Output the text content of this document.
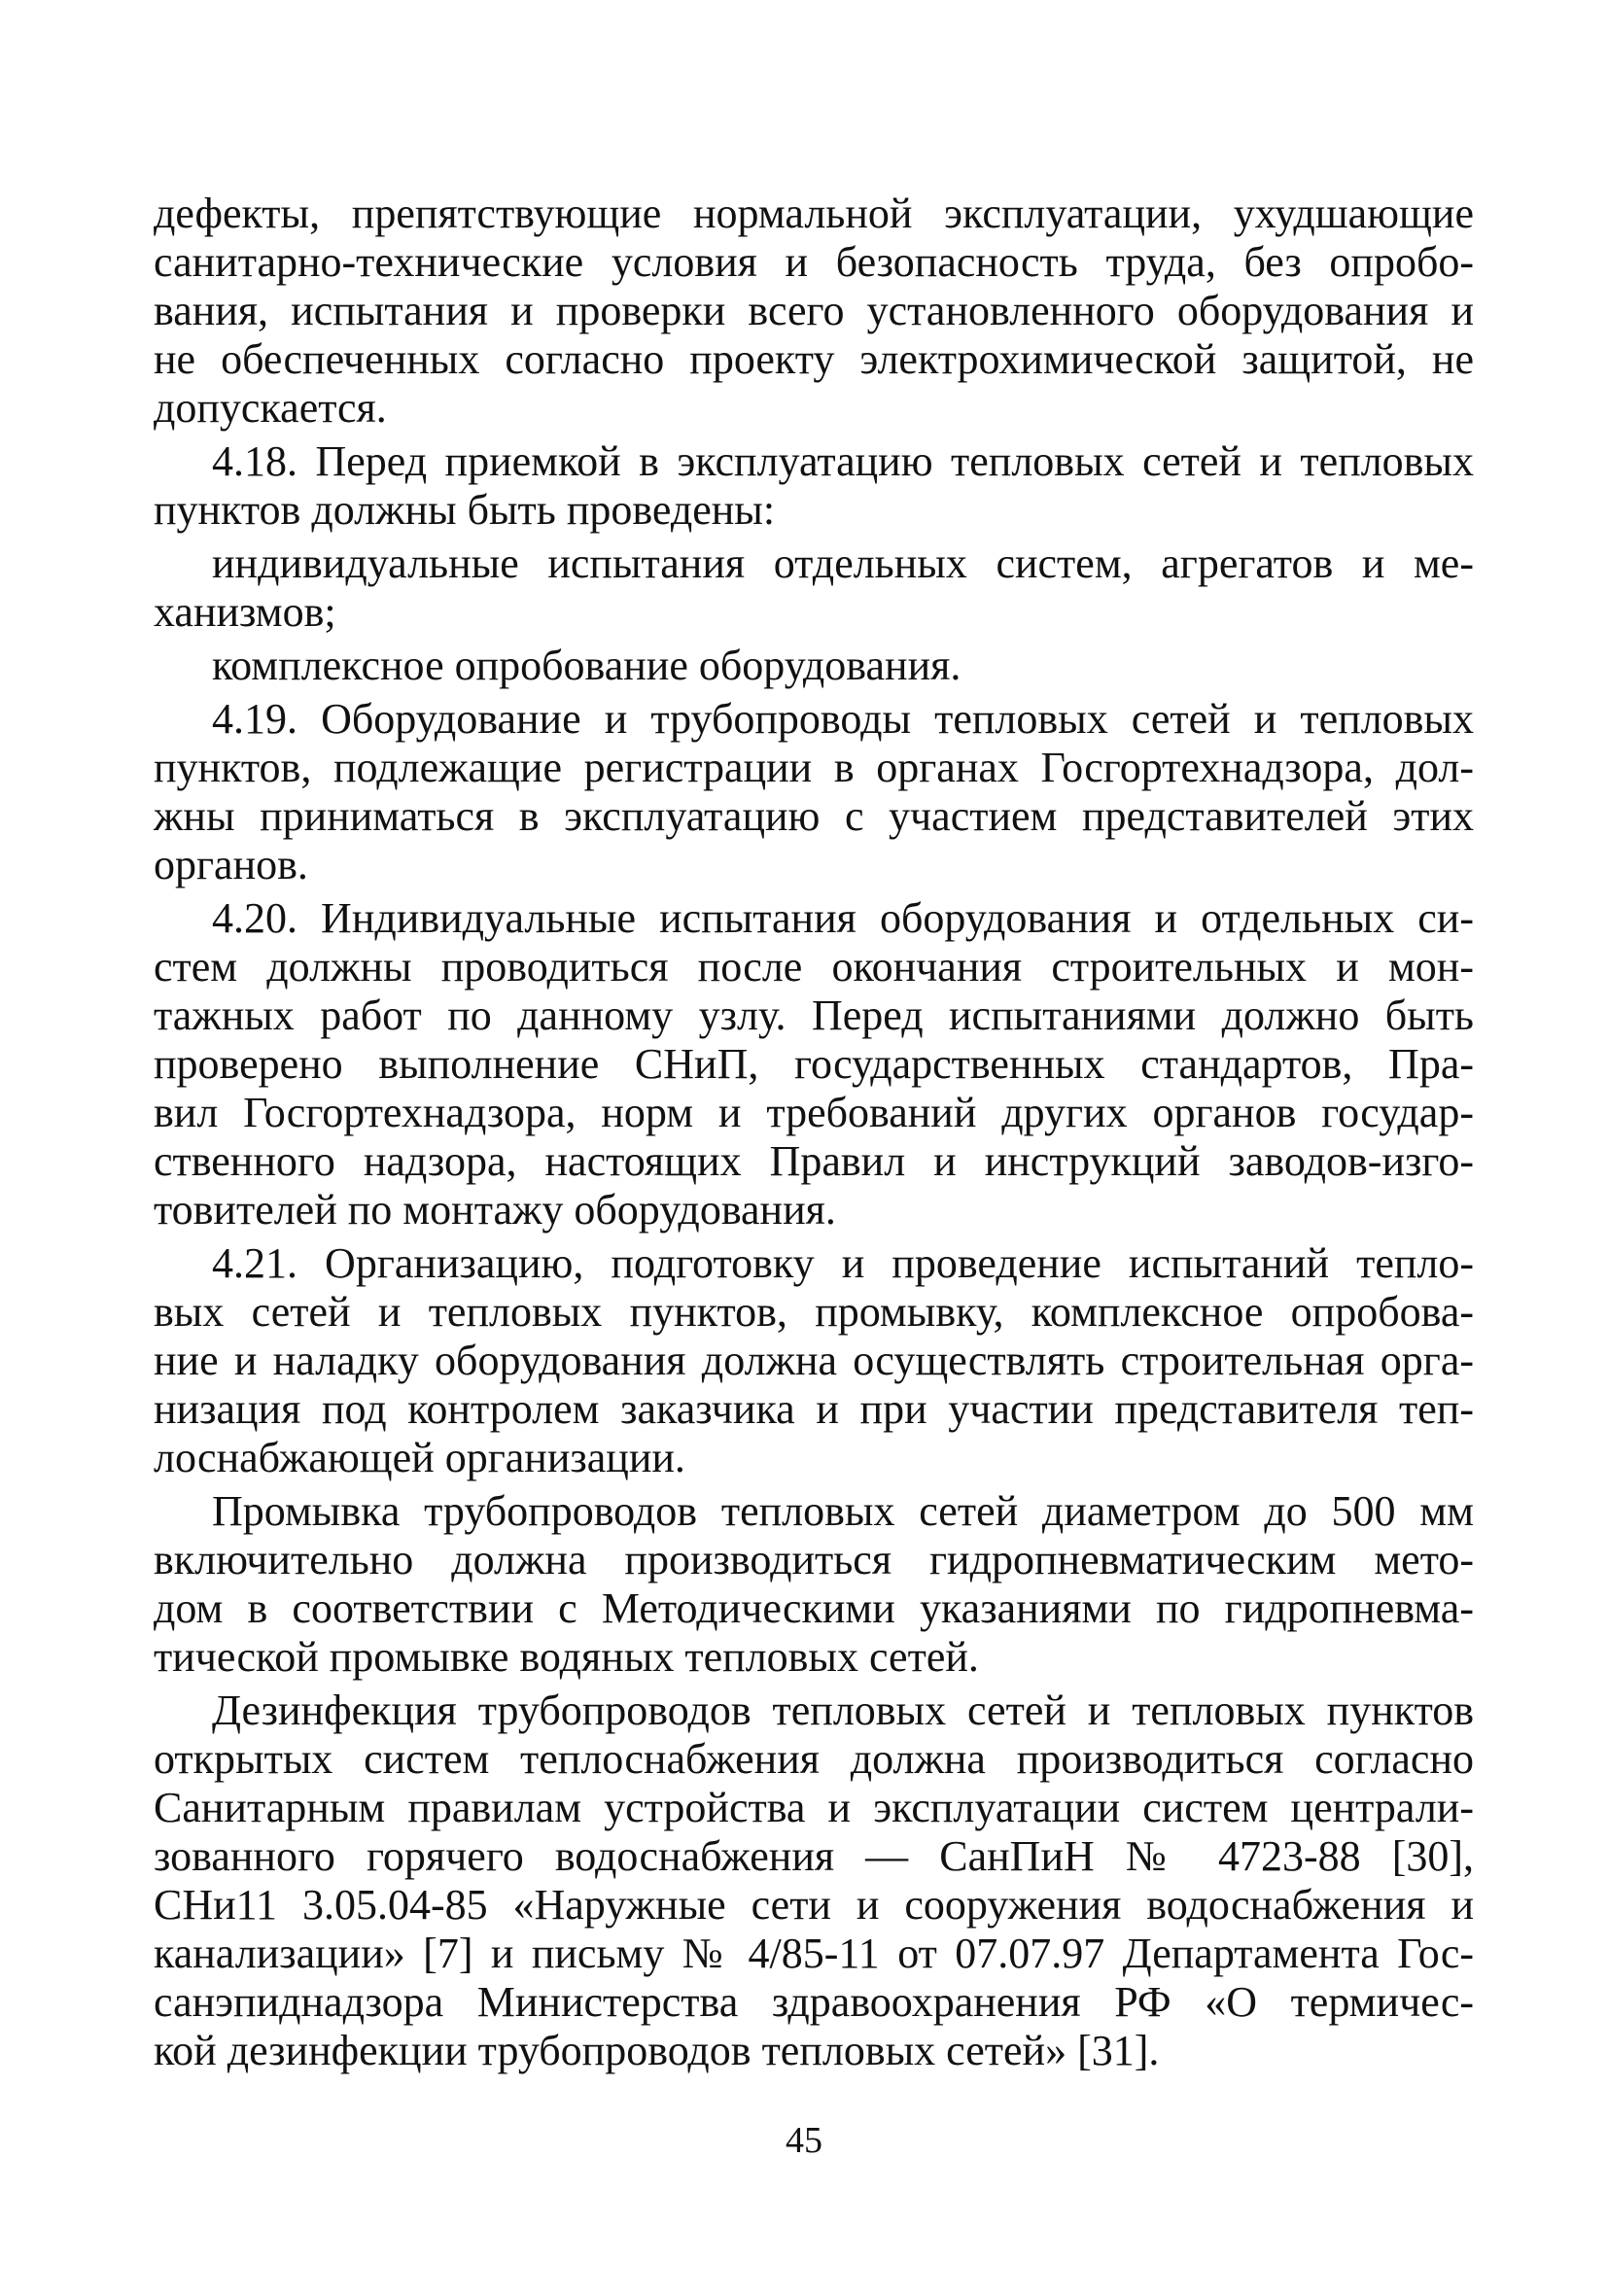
дефекты, препятствующие нормальной эксплуатации, ухудшающие
санитарно-технические условия и безопасность труда, без опробо-
вания, испытания и проверки всего установленного оборудования и
не обеспеченных согласно проекту электрохимической защитой, не
допускается.
4.18. Перед приемкой в эксплуатацию тепловых сетей и тепловых
пунктов должны быть проведены:
индивидуальные испытания отдельных систем, агрегатов и ме-
ханизмов;
комплексное опробование оборудования.
4.19. Оборудование и трубопроводы тепловых сетей и тепловых
пунктов, подлежащие регистрации в органах Госгортехнадзора, дол-
жны приниматься в эксплуатацию с участием представителей этих
органов.
4.20. Индивидуальные испытания оборудования и отдельных си-
стем должны проводиться после окончания строительных и мон-
тажных работ по данному узлу. Перед испытаниями должно быть
проверено выполнение СНиП, государственных стандартов, Пра-
вил Госгортехнадзора, норм и требований других органов государ-
ственного надзора, настоящих Правил и инструкций заводов-изго-
товителей по монтажу оборудования.
4.21. Организацию, подготовку и проведение испытаний тепло-
вых сетей и тепловых пунктов, промывку, комплексное опробова-
ние и наладку оборудования должна осуществлять строительная орга-
низация под контролем заказчика и при участии представителя теп-
лоснабжающей организации.
Промывка трубопроводов тепловых сетей диаметром до 500 мм
включительно должна производиться гидропневматическим мето-
дом в соответствии с Методическими указаниями по гидропневма-
тической промывке водяных тепловых сетей.
Дезинфекция трубопроводов тепловых сетей и тепловых пунктов
открытых систем теплоснабжения должна производиться согласно
Санитарным правилам устройства и эксплуатации систем централи-
зованного горячего водоснабжения — СанПиН № 4723-88 [30],
СНи11 3.05.04-85 «Наружные сети и сооружения водоснабжения и
канализации» [7] и письму № 4/85-11 от 07.07.97 Департамента Гос-
санэпиднадзора Министерства здравоохранения РФ «О термичес-
кой дезинфекции трубопроводов тепловых сетей» [31].
45
